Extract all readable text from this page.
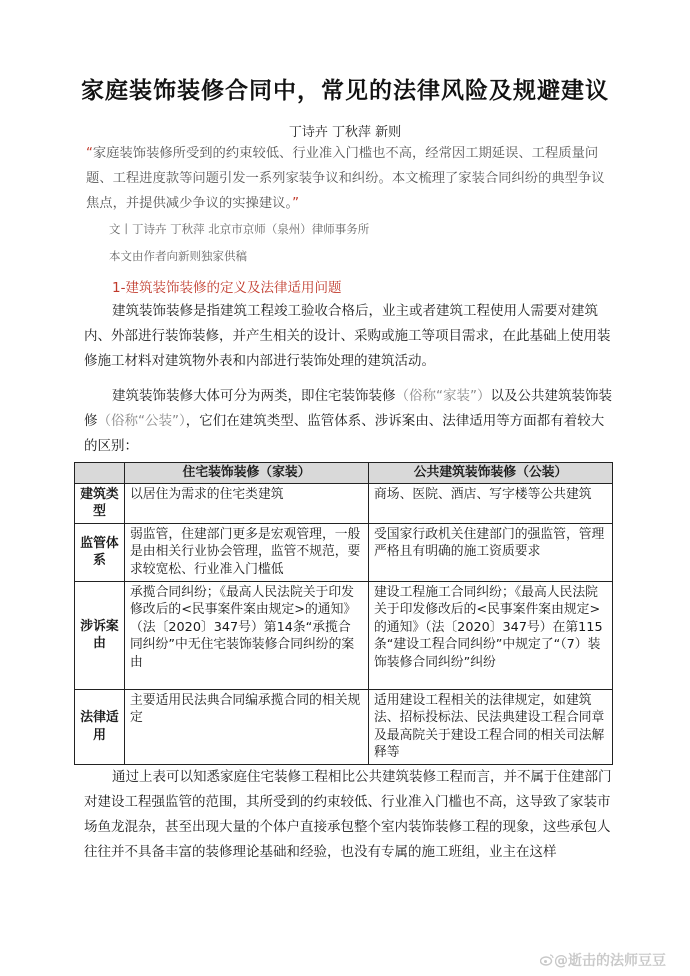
家庭装饰装修合同中，常见的法律风险及规避建议
丁诗卉 丁秋萍 新则
“家庭装饰装修所受到的约束较低、行业准入门槛也不高，经常因工期延误、工程质量问题、工程进度款等问题引发一系列家装争议和纠纷。本文梳理了家装合同纠纷的典型争议焦点，并提供减少争议的实操建议。”
文丨丁诗卉 丁秋萍 北京市京师（泉州）律师事务所
本文由作者向新则独家供稿
1-建筑装饰装修的定义及法律适用问题
建筑装饰装修是指建筑工程竣工验收合格后，业主或者建筑工程使用人需要对建筑内、外部进行装饰装修，并产生相关的设计、采购或施工等项目需求，在此基础上使用装修施工材料对建筑物外表和内部进行装饰处理的建筑活动。
建筑装饰装修大体可分为两类，即住宅装饰装修（俗称“家装”）以及公共建筑装饰装修（俗称“公装”），它们在建筑类型、监管体系、涉诉案由、法律适用等方面都有着较大的区别：
	住宅装饰装修（家装）	公共建筑装饰装修（公装）
建筑类型	以居住为需求的住宅类建筑	商场、医院、酒店、写字楼等公共建筑
监管体系	弱监管，住建部门更多是宏观管理，一般是由相关行业协会管理，监管不规范，要求较宽松、行业准入门槛低	受国家行政机关住建部门的强监管，管理严格且有明确的施工资质要求
涉诉案由	承揽合同纠纷；《最高人民法院关于印发修改后的<民事案件案由规定>的通知》（法〔2020〕347号）第14条“承揽合同纠纷”中无住宅装饰装修合同纠纷的案由	建设工程施工合同纠纷；《最高人民法院关于印发修改后的<民事案件案由规定>的通知》（法〔2020〕347号）在第115条“建设工程合同纠纷”中规定了“（7）装饰装修合同纠纷”纠纷
法律适用	主要适用民法典合同编承揽合同的相关规定	适用建设工程相关的法律规定，如建筑法、招标投标法、民法典建设工程合同章及最高院关于建设工程合同的相关司法解释等
通过上表可以知悉家庭住宅装修工程相比公共建筑装修工程而言，并不属于住建部门对建设工程强监管的范围，其所受到的约束较低、行业准入门槛也不高，这导致了家装市场鱼龙混杂，甚至出现大量的个体户直接承包整个室内装饰装修工程的现象，这些承包人往往并不具备丰富的装修理论基础和经验，也没有专属的施工班组，业主在这样
@逝击的法师豆豆
